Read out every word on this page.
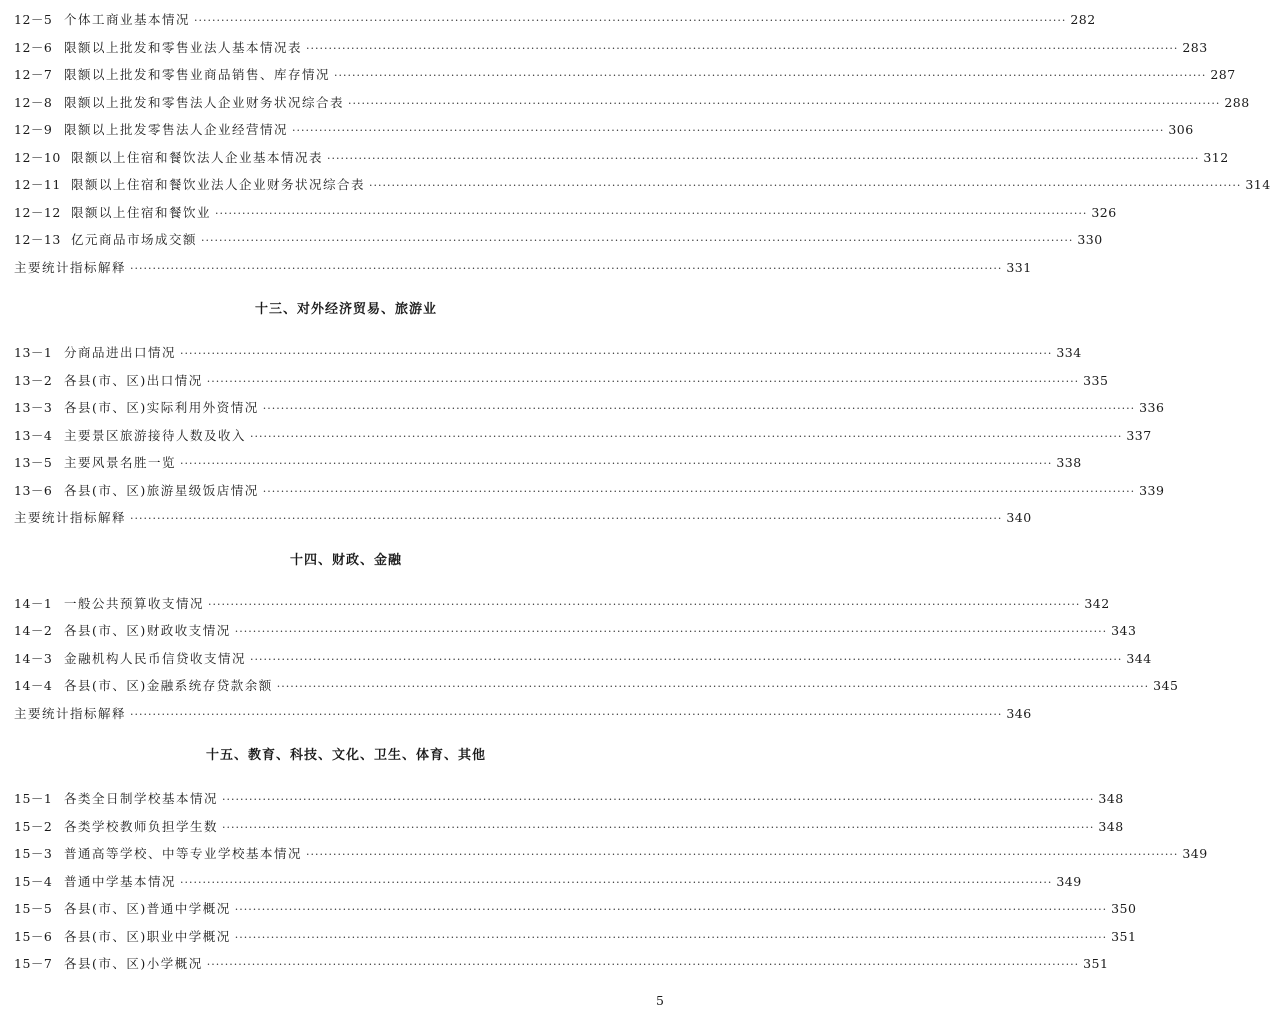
12－5 个体工商业基本情况 ·····	282
12－6 限额以上批发和零售业法人基本情况表 ·····	283
12－7 限额以上批发和零售业商品销售、库存情况 ·····	287
12－8 限额以上批发和零售法人企业财务状况综合表 ·····	288
12－9 限额以上批发零售法人企业经营情况 ·····	306
12－10 限额以上住宿和餐饮法人企业基本情况表 ·····	312
12－11 限额以上住宿和餐饮业法人企业财务状况综合表 ·····	314
12－12 限额以上住宿和餐饮业 ·····	326
12－13 亿元商品市场成交额 ·····	330
主要统计指标解释 ·····	331
十三、对外经济贸易、旅游业
13－1 分商品进出口情况 ·····	334
13－2 各县(市、区)出口情况 ·····	335
13－3 各县(市、区)实际利用外资情况 ·····	336
13－4 主要景区旅游接待人数及收入 ·····	337
13－5 主要风景名胜一览 ·····	338
13－6 各县(市、区)旅游星级饭店情况 ·····	339
主要统计指标解释 ·····	340
十四、财政、金融
14－1 一般公共预算收支情况 ·····	342
14－2 各县(市、区)财政收支情况 ·····	343
14－3 金融机构人民币信贷收支情况 ·····	344
14－4 各县(市、区)金融系统存贷款余额 ·····	345
主要统计指标解释 ·····	346
十五、教育、科技、文化、卫生、体育、其他
15－1 各类全日制学校基本情况 ·····	348
15－2 各类学校教师负担学生数 ·····	348
15－3 普通高等学校、中等专业学校基本情况 ·····	349
15－4 普通中学基本情况 ·····	349
15－5 各县(市、区)普通中学概况 ·····	350
15－6 各县(市、区)职业中学概况 ·····	351
15－7 各县(市、区)小学概况 ·····	351
5
